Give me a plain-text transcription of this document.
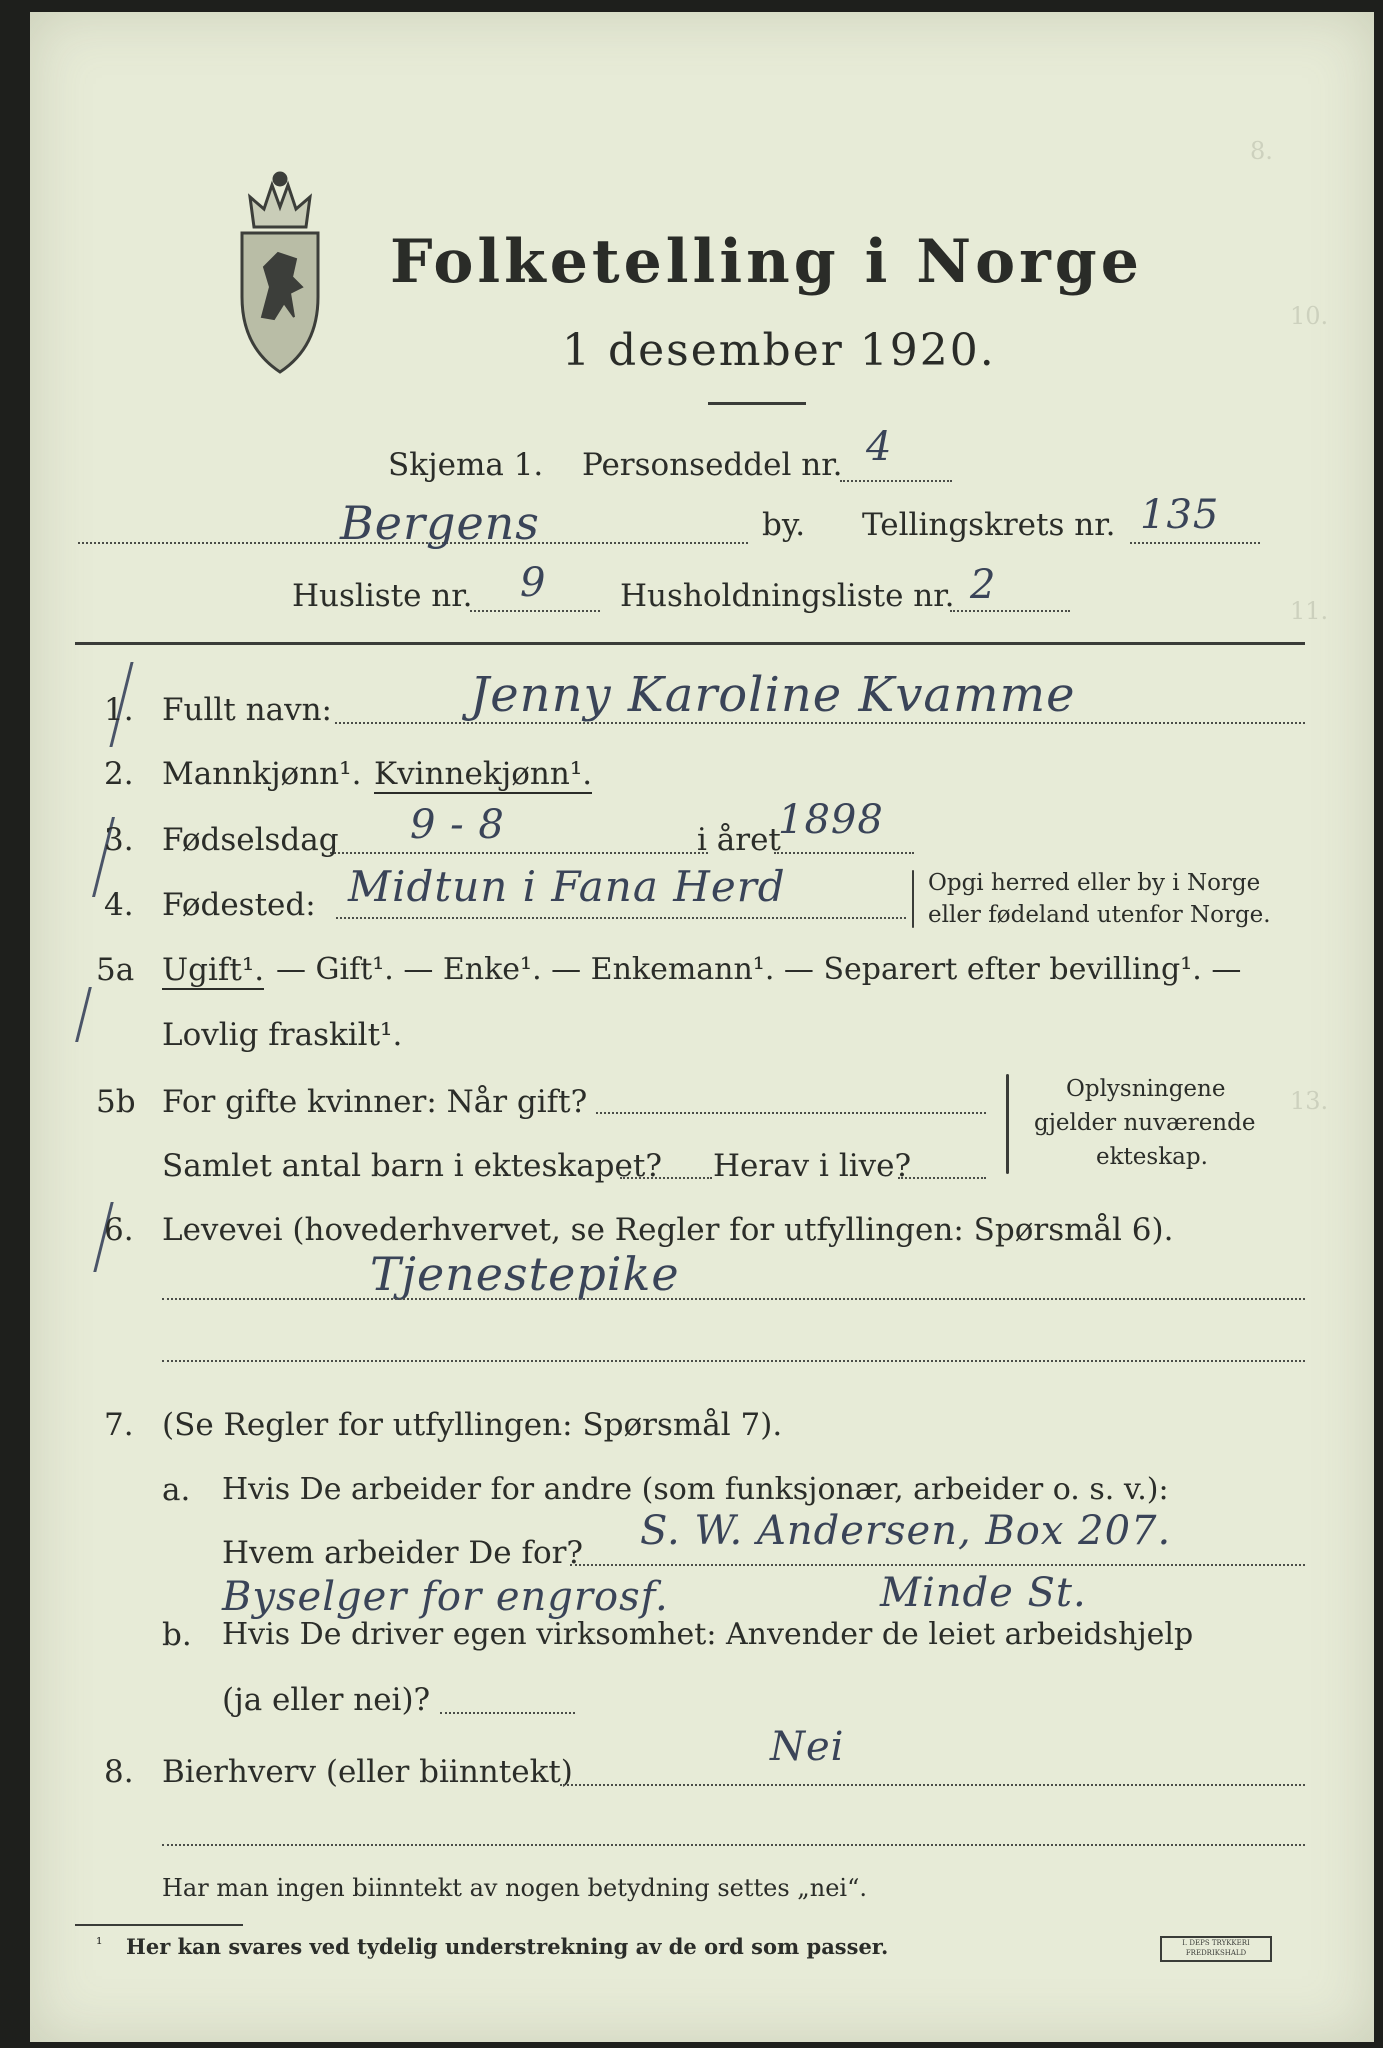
8.
10.
11.
13.
Folketelling i Norge
1 desember 1920.
Skjema 1. Personseddel nr. 4
Bergens	by. Tellingskrets nr. 135
Husliste nr. 9 Husholdningsliste nr. 2
1. Fullt navn:	Jenny Karoline Kvamme
2. Mannkjønn¹. Kvinnekjønn¹.
3. Fødselsdag 9 - 8	i året
1898
4. Fødested: Midtun i Fana Herd	Opgi herred eller by i Norge
eller fødeland utenfor Norge.
5a Ugift¹. — Gift¹. — Enke¹. — Enkemann¹. — Separert efter bevilling¹. —
Lovlig fraskilt¹.
5b For gifte kvinner: Når gift?
Samlet antal barn i ekteskapet? Herav i live?
Oplysningene
gjelder nuværende
ekteskap.
6. Levevei (hovederhvervet, se Regler for utfyllingen: Spørsmål 6).
Tjenestepike
7. (Se Regler for utfyllingen: Spørsmål 7).
a. Hvis De arbeider for andre (som funksjonær, arbeider o. s. v.):
Hvem arbeider De for? S. W. Andersen, Box 207.
Byselger for engrosf.	Minde St.
b. Hvis De driver egen virksomhet: Anvender de leiet arbeidshjelp
(ja eller nei)?
8. Bierhverv (eller biinntekt)
Nei
Har man ingen biinntekt av nogen betydning settes „nei“.
¹ Her kan svares ved tydelig understrekning av de ord som passer.	I. DEPS TRYKKERI FREDRIKSHALD
